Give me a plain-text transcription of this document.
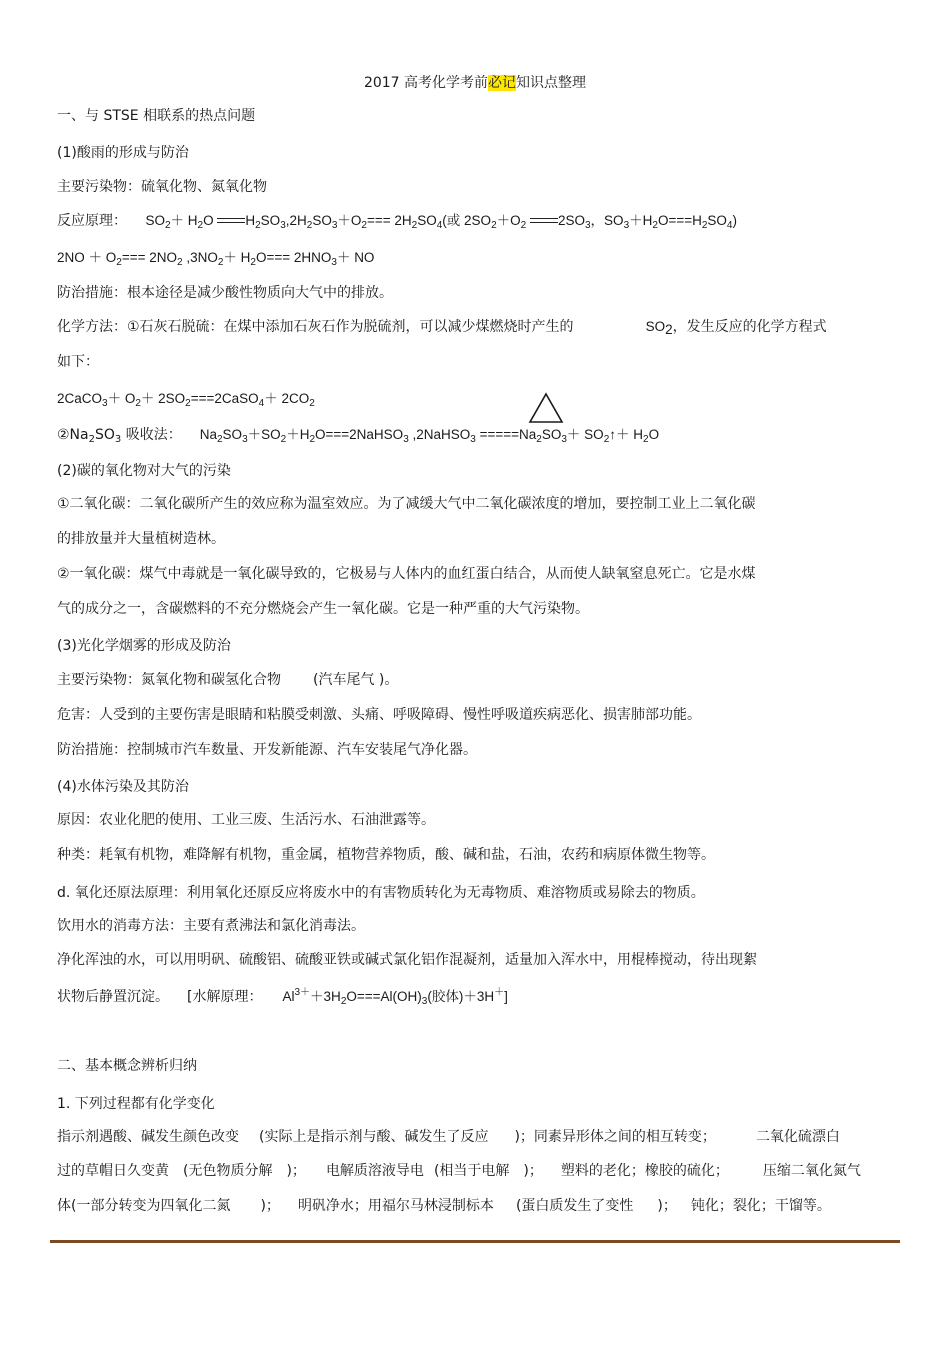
2017 高考化学考前必记知识点整理
一、与 STSE 相联系的热点问题
(1)酸雨的形成与防治
主要污染物：硫氧化物、氮氧化物
反应原理： $SO_2+ H_2O$ $H_2SO_3,2H_2SO_3+O_2=== 2H_2SO_4$(或 $2SO_2+O_2$ $2SO_3$，$SO_3+H_2O===H_2SO_4$)
$2NO + O_2=== 2NO_2$ $,3NO_2+ H_2O=== 2HNO_3+$ NO
防治措施：根本途径是减少酸性物质向大气中的排放。
化学方法：①石灰石脱硫：在煤中添加石灰石作为脱硫剂，可以减少煤燃烧时产生的	$SO_2$，发生反应的化学方程式
如下：
2CaCO$_3$＋ $O_2+$ $2SO_2===2CaSO_4+ 2CO_2$
$②Na_2SO_3$ 吸收法： $Na_2SO_3+SO_2+H_2O===2NaHSO_3$ ,2NaHSO$_3$ $=====Na_2SO_3+$ $SO_2↑+ H_2O$
(2)碳的氧化物对大气的污染
①二氧化碳：二氧化碳所产生的效应称为温室效应。为了减缓大气中二氧化碳浓度的增加，要控制工业上二氧化碳
的排放量并大量植树造林。
②一氧化碳：煤气中毒就是一氧化碳导致的，它极易与人体内的血红蛋白结合，从而使人缺氧窒息死亡。它是水煤
气的成分之一，含碳燃料的不充分燃烧会产生一氧化碳。它是一种严重的大气污染物。
(3)光化学烟雾的形成及防治
主要污染物：氮氧化物和碳氢化合物 (汽车尾气 )。
危害：人受到的主要伤害是眼睛和粘膜受刺激、头痛、呼吸障碍、慢性呼吸道疾病恶化、损害肺部功能。
防治措施：控制城市汽车数量、开发新能源、汽车安装尾气净化器。
(4)水体污染及其防治
原因：农业化肥的使用、工业三废、生活污水、石油泄露等。
种类：耗氧有机物，难降解有机物，重金属，植物营养物质，酸、碱和盐，石油，农药和病原体微生物等。
d. 氧化还原法原理：利用氧化还原反应将废水中的有害物质转化为无毒物质、难溶物质或易除去的物质。
饮用水的消毒方法：主要有煮沸法和氯化消毒法。
净化浑浊的水，可以用明矾、硫酸铝、硫酸亚铁或碱式氯化铝作混凝剂，适量加入浑水中，用棍棒搅动，待出现絮
状物后静置沉淀。 [水解原理： $Al^{3+}+3H_2O===Al(OH)_3$(胶体)＋3H＋]
二、基本概念辨析归纳
1. 下列过程都有化学变化
指示剂遇酸、碱发生颜色改变 (实际上是指示剂与酸、碱发生了反应 )；同素异形体之间的相互转变；	二氧化硫漂白
过的草帽日久变黄 (无色物质分解 )； 电解质溶液导电 (相当于电解 )； 塑料的老化；橡胶的硫化； 压缩二氧化氮气
体(一部分转变为四氧化二氮 )； 明矾净水；用福尔马林浸制标本 (蛋白质发生了变性 )； 钝化；裂化；干馏等。
